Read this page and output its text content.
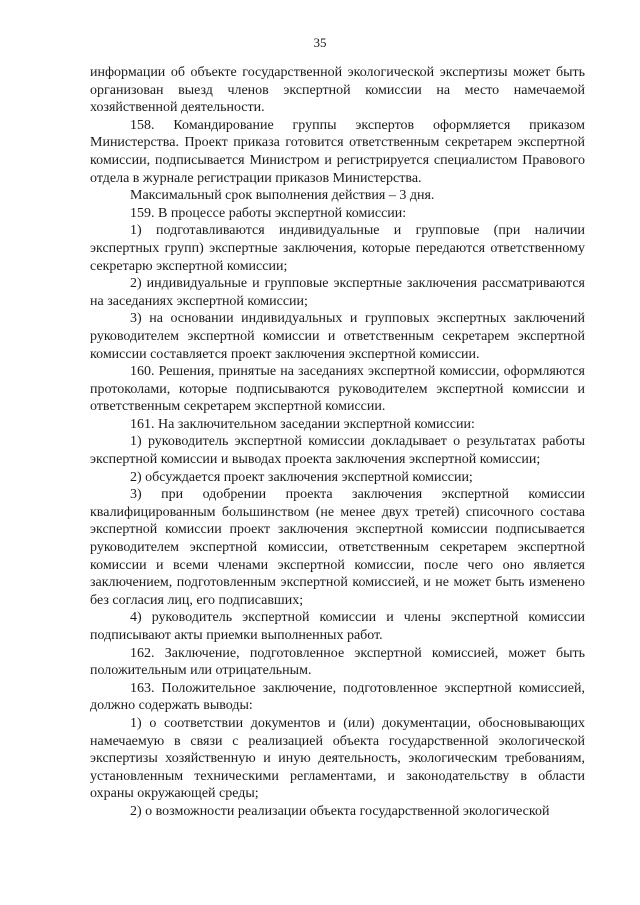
35

информации об объекте государственной экологической экспертизы может быть организован выезд членов экспертной комиссии на место намечаемой хозяйственной деятельности.

158. Командирование группы экспертов оформляется приказом Министерства. Проект приказа готовится ответственным секретарем экспертной комиссии, подписывается Министром и регистрируется специалистом Правового отдела в журнале регистрации приказов Министерства.

Максимальный срок выполнения действия – 3 дня.

159. В процессе работы экспертной комиссии:

1) подготавливаются индивидуальные и групповые (при наличии экспертных групп) экспертные заключения, которые передаются ответственному секретарю экспертной комиссии;

2) индивидуальные и групповые экспертные заключения рассматриваются на заседаниях экспертной комиссии;

3) на основании индивидуальных и групповых экспертных заключений руководителем экспертной комиссии и ответственным секретарем экспертной комиссии составляется проект заключения экспертной комиссии.

160. Решения, принятые на заседаниях экспертной комиссии, оформляются протоколами, которые подписываются руководителем экспертной комиссии и ответственным секретарем экспертной комиссии.

161. На заключительном заседании экспертной комиссии:

1) руководитель экспертной комиссии докладывает о результатах работы экспертной комиссии и выводах проекта заключения экспертной комиссии;

2) обсуждается проект заключения экспертной комиссии;

3) при одобрении проекта заключения экспертной комиссии квалифицированным большинством (не менее двух третей) списочного состава экспертной комиссии проект заключения экспертной комиссии подписывается руководителем экспертной комиссии, ответственным секретарем экспертной комиссии и всеми членами экспертной комиссии, после чего оно является заключением, подготовленным экспертной комиссией, и не может быть изменено без согласия лиц, его подписавших;

4) руководитель экспертной комиссии и члены экспертной комиссии подписывают акты приемки выполненных работ.

162. Заключение, подготовленное экспертной комиссией, может быть положительным или отрицательным.

163. Положительное заключение, подготовленное экспертной комиссией, должно содержать выводы:

1) о соответствии документов и (или) документации, обосновывающих намечаемую в связи с реализацией объекта государственной экологической экспертизы хозяйственную и иную деятельность, экологическим требованиям, установленным техническими регламентами, и законодательству в области охраны окружающей среды;

2) о возможности реализации объекта государственной экологической
